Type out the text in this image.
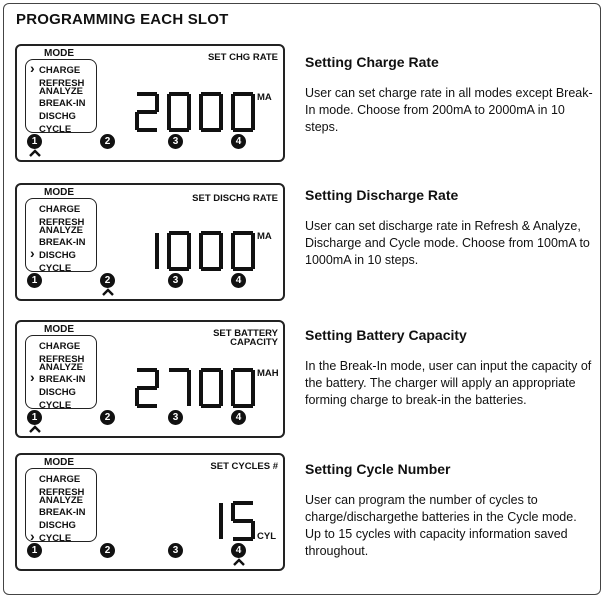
PROGRAMMING EACH SLOT
MODE
› CHARGE
REFRESH
ANALYZE
BREAK-IN
DISCHG
CYCLE
SET CHG RATE
MA
1	2	3	4
Setting Charge Rate

User can set charge rate in all modes except Break-In mode. Choose from 200mA to 2000mA in 10 steps.

MODE
CHARGE
REFRESH
ANALYZE
BREAK-IN
› DISCHG
CYCLE
SET DISCHG RATE
MA
1	2	3	4
Setting Discharge Rate

User can set discharge rate in Refresh & Analyze, Discharge and Cycle mode. Choose from 100mA to 1000mA in 10 steps.

MODE
CHARGE
REFRESH
ANALYZE
› BREAK-IN
DISCHG
CYCLE
SET BATTERY
CAPACITY
MAH
1	2	3	4
Setting Battery Capacity

In the Break-In mode, user can input the capacity of the battery. The charger will apply an appropriate forming charge to break-in the batteries.

MODE
CHARGE
REFRESH
ANALYZE
BREAK-IN
DISCHG
› CYCLE
SET CYCLES #
CYL
1	2	3	4
Setting Cycle Number

User can program the number of cycles to charge/dischargethe batteries in the Cycle mode. Up to 15 cycles with capacity information saved throughout.
